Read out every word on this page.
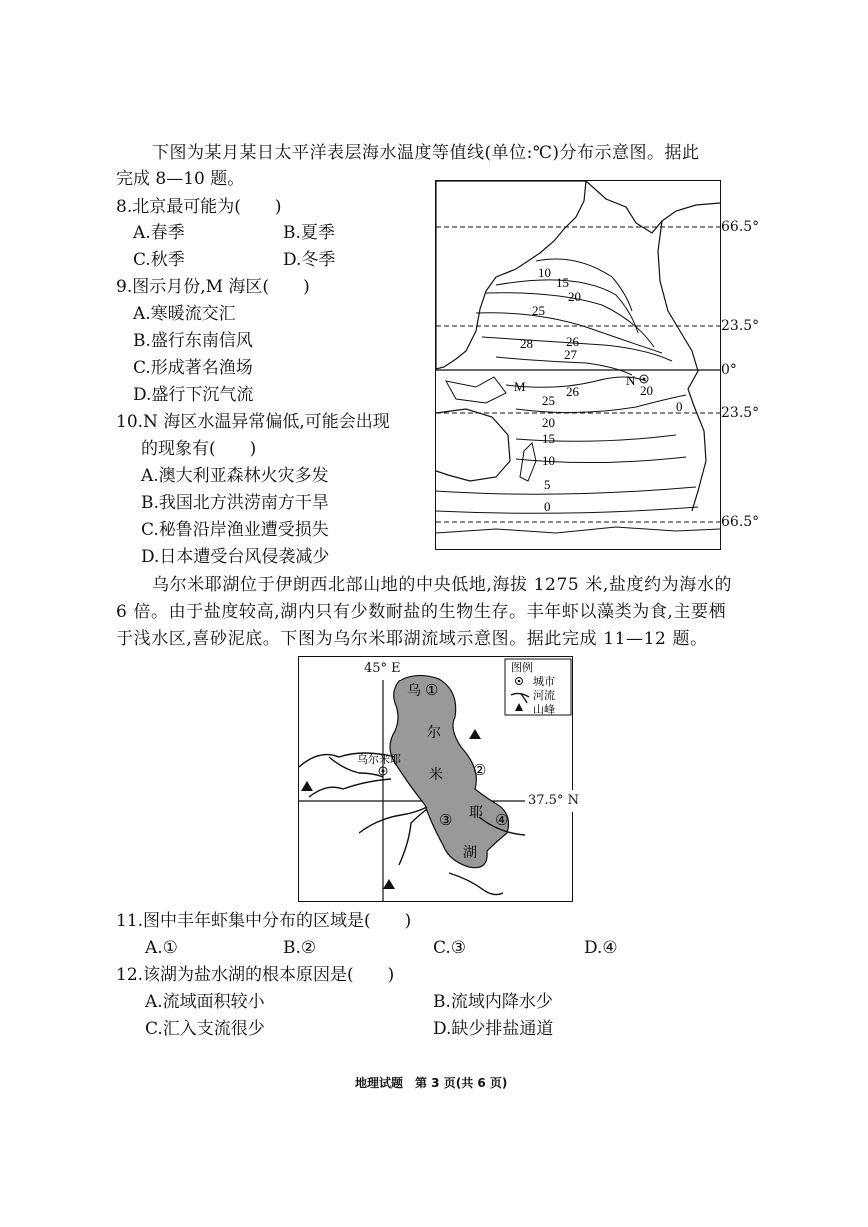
下图为某月某日太平洋表层海水温度等值线(单位:℃)分布示意图。据此
完成 8—10 题。
8.北京最可能为(　　)
A.春季	B.夏季
C.秋季	D.冬季
9.图示月份,M 海区(　　)
A.寒暖流交汇
B.盛行东南信风
C.形成著名渔场
D.盛行下沉气流
10.N 海区水温异常偏低,可能会出现
的现象有(　　)
A.澳大利亚森林火灾多发
B.我国北方洪涝南方干旱
C.秘鲁沿岸渔业遭受损失
D.日本遭受台风侵袭减少
10
15
20
25
26
27
28
25
26	20
20
0
15
10
5
0
M	N
66.5°
23.5°
0°
23.5°
66.5°
乌尔米耶湖位于伊朗西北部山地的中央低地,海拔 1275 米,盐度约为海水的
6 倍。由于盐度较高,湖内只有少数耐盐的生物生存。丰年虾以藻类为食,主要栖
于浅水区,喜砂泥底。下图为乌尔米耶湖流域示意图。据此完成 11—12 题。
乌尔米耶
乌
尔
米
耶
湖
①
②
③	④
图例
城市
河流
山峰
45° E
37.5° N
11.图中丰年虾集中分布的区域是(　　)
A.①	B.②	C.③	D.④
12.该湖为盐水湖的根本原因是(　　)
A.流域面积较小	B.流域内降水少
C.汇入支流很少	D.缺少排盐通道
地理试题　第 3 页(共 6 页)
